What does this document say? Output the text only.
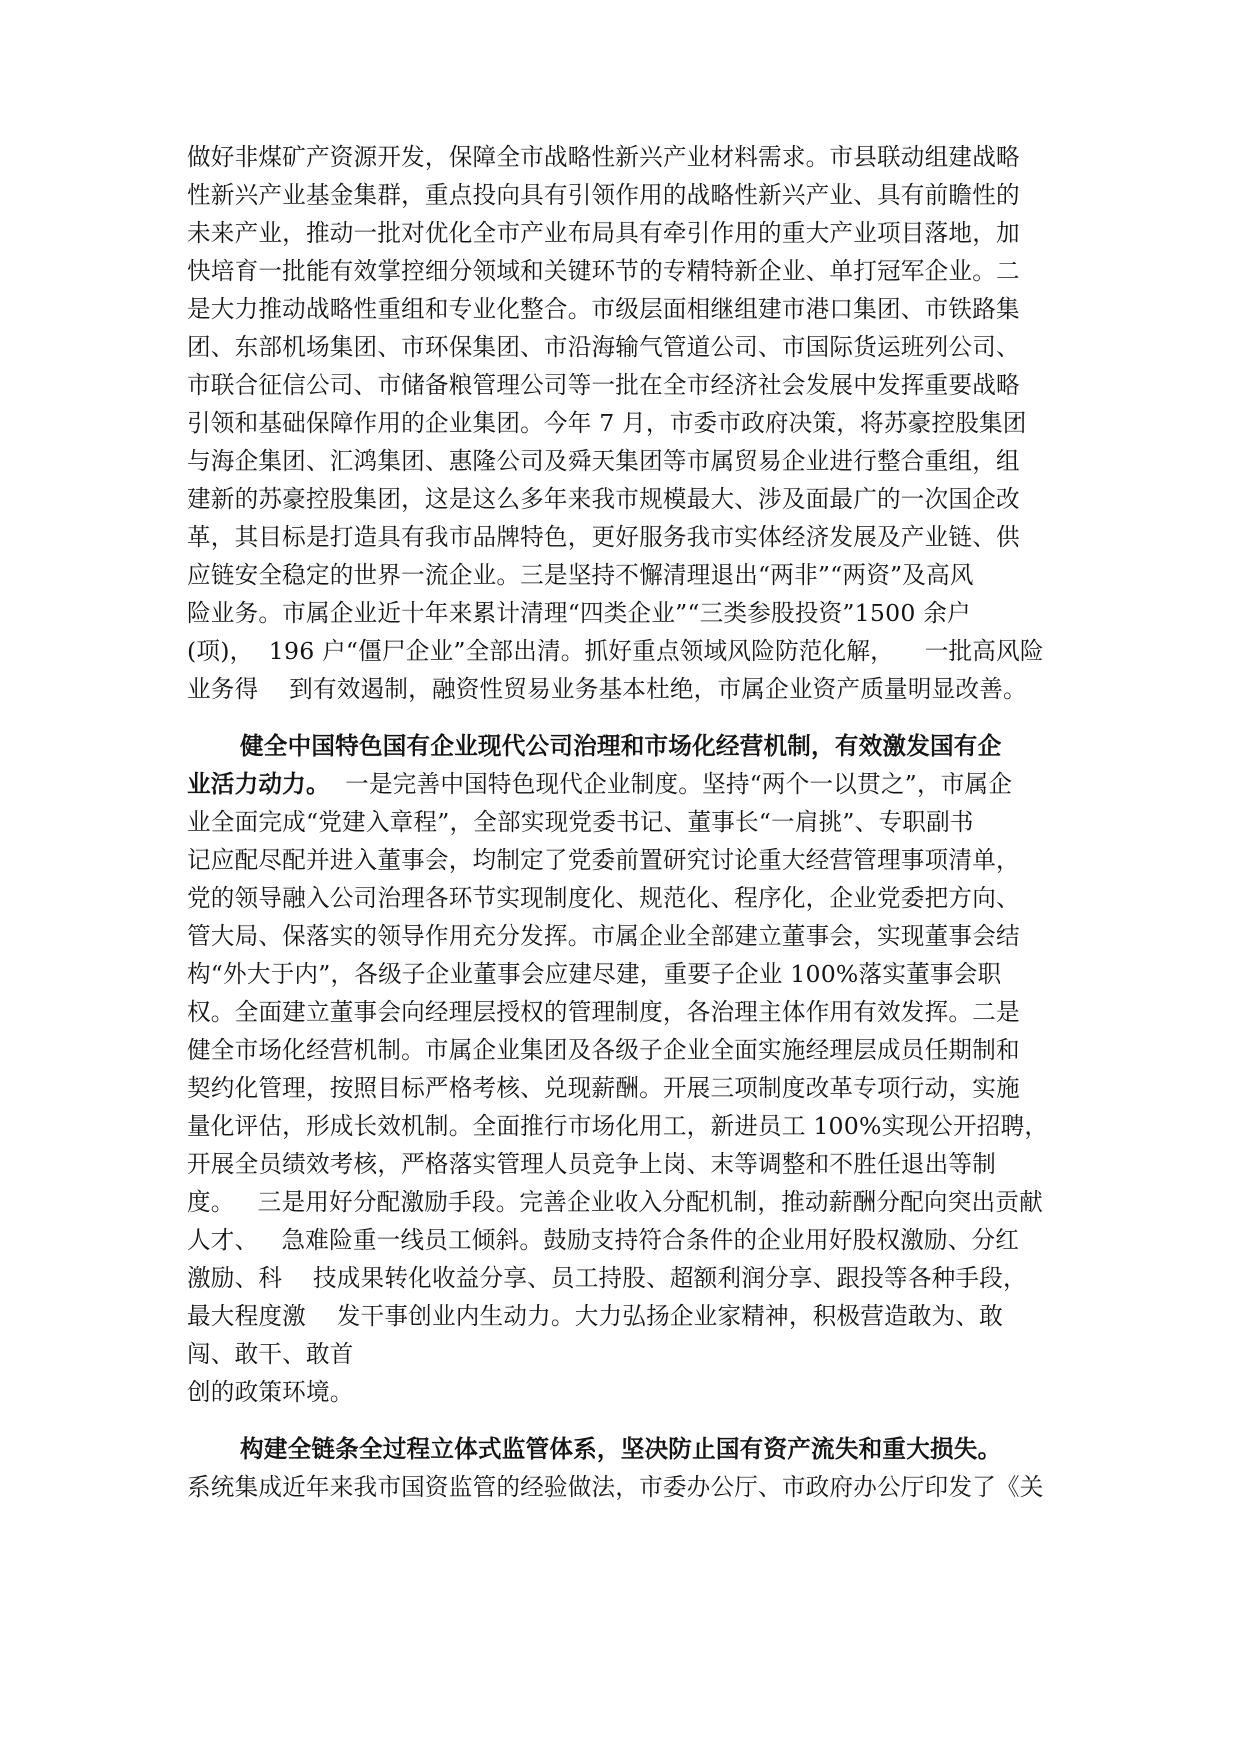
做好非煤矿产资源开发，保障全市战略性新兴产业材料需求。市县联动组建战略
性新兴产业基金集群，重点投向具有引领作用的战略性新兴产业、具有前瞻性的
未来产业，推动一批对优化全市产业布局具有牵引作用的重大产业项目落地，加
快培育一批能有效掌控细分领域和关键环节的专精特新企业、单打冠军企业。二
是大力推动战略性重组和专业化整合。市级层面相继组建市港口集团、市铁路集
团、东部机场集团、市环保集团、市沿海输气管道公司、市国际货运班列公司、
市联合征信公司、市储备粮管理公司等一批在全市经济社会发展中发挥重要战略
引领和基础保障作用的企业集团。今年 7 月，市委市政府决策，将苏豪控股集团
与海企集团、汇鸿集团、惠隆公司及舜天集团等市属贸易企业进行整合重组，组
建新的苏豪控股集团，这是这么多年来我市规模最大、涉及面最广的一次国企改
革，其目标是打造具有我市品牌特色，更好服务我市实体经济发展及产业链、供
应链安全稳定的世界一流企业。三是坚持不懈清理退出“两非”“两资”及高风
险业务。市属企业近十年来累计清理“四类企业”“三类参股投资”1500 余户
(项)，  196 户“僵尸企业”全部出清。抓好重点领域风险防范化解，    一批高风险
业务得    到有效遏制，融资性贸易业务基本杜绝，市属企业资产质量明显改善。
健全中国特色国有企业现代公司治理和市场化经营机制，有效激发国有企
业活力动力。  一是完善中国特色现代企业制度。坚持“两个一以贯之”，市属企
业全面完成“党建入章程”，全部实现党委书记、董事长“一肩挑”、专职副书
记应配尽配并进入董事会，均制定了党委前置研究讨论重大经营管理事项清单，
党的领导融入公司治理各环节实现制度化、规范化、程序化，企业党委把方向、
管大局、保落实的领导作用充分发挥。市属企业全部建立董事会，实现董事会结
构“外大于内”，各级子企业董事会应建尽建，重要子企业 100%落实董事会职
权。全面建立董事会向经理层授权的管理制度，各治理主体作用有效发挥。二是
健全市场化经营机制。市属企业集团及各级子企业全面实施经理层成员任期制和
契约化管理，按照目标严格考核、兑现薪酬。开展三项制度改革专项行动，实施
量化评估，形成长效机制。全面推行市场化用工，新进员工 100%实现公开招聘，
开展全员绩效考核，严格落实管理人员竞争上岗、末等调整和不胜任退出等制
度。   三是用好分配激励手段。完善企业收入分配机制，推动薪酬分配向突出贡献
人才、   急难险重一线员工倾斜。鼓励支持符合条件的企业用好股权激励、分红
激励、科    技成果转化收益分享、员工持股、超额利润分享、跟投等各种手段，
最大程度激    发干事创业内生动力。大力弘扬企业家精神，积极营造敢为、敢
闯、敢干、敢首
创的政策环境。
构建全链条全过程立体式监管体系，坚决防止国有资产流失和重大损失。
系统集成近年来我市国资监管的经验做法，市委办公厅、市政府办公厅印发了《关
